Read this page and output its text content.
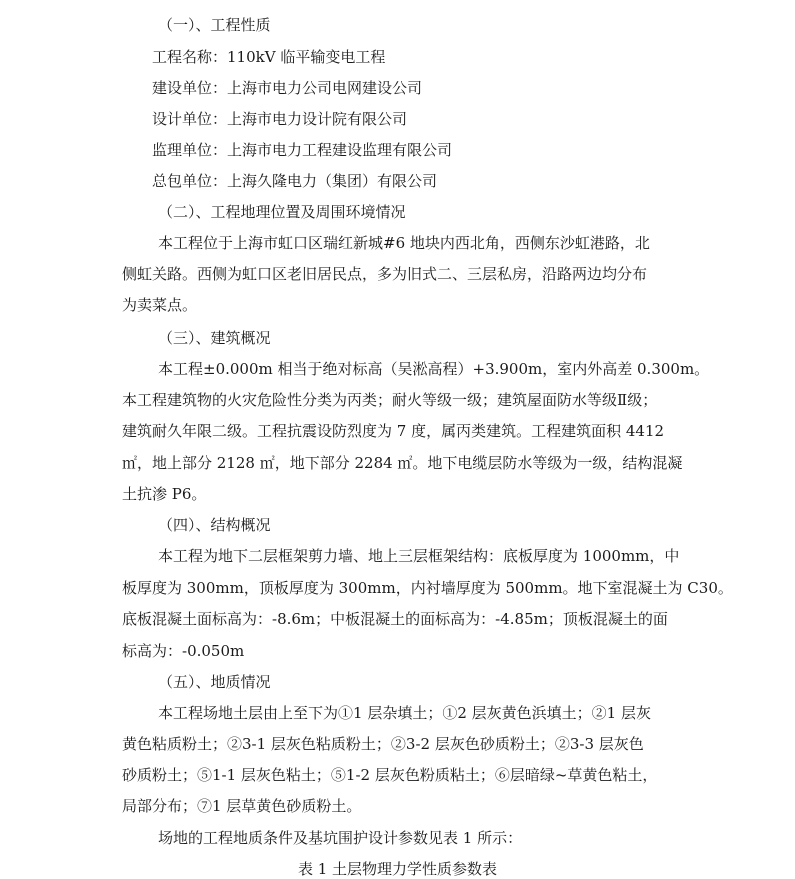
（一）、工程性质

工程名称：110kV 临平输变电工程

建设单位：上海市电力公司电网建设公司

设计单位：上海市电力设计院有限公司

监理单位：上海市电力工程建设监理有限公司

总包单位：上海久隆电力（集团）有限公司

（二）、工程地理位置及周围环境情况

本工程位于上海市虹口区瑞红新城#6 地块内西北角，西侧东沙虹港路，北

侧虹关路。西侧为虹口区老旧居民点，多为旧式二、三层私房，沿路两边均分布

为卖菜点。

（三）、建筑概况

本工程±0.000m 相当于绝对标高（吴淞高程）+3.900m，室内外高差 0.300m。

本工程建筑物的火灾危险性分类为丙类；耐火等级一级；建筑屋面防水等级Ⅱ级；

建筑耐久年限二级。工程抗震设防烈度为 7 度，属丙类建筑。工程建筑面积 4412

㎡，地上部分 2128 ㎡，地下部分 2284 ㎡。地下电缆层防水等级为一级，结构混凝

土抗渗 P6。

（四）、结构概况

本工程为地下二层框架剪力墙、地上三层框架结构：底板厚度为 1000mm，中

板厚度为 300mm，顶板厚度为 300mm，内衬墙厚度为 500mm。地下室混凝土为 C30。

底板混凝土面标高为：-8.6m；中板混凝土的面标高为：-4.85m；顶板混凝土的面

标高为：-0.050m

（五）、地质情况

本工程场地土层由上至下为①1 层杂填土；①2 层灰黄色浜填土；②1 层灰

黄色粘质粉土；②3-1 层灰色粘质粉土；②3-2 层灰色砂质粉土；②3-3 层灰色

砂质粉土；⑤1-1 层灰色粘土；⑤1-2 层灰色粉质粘土；⑥层暗绿~草黄色粘土，

局部分布；⑦1 层草黄色砂质粉土。

场地的工程地质条件及基坑围护设计参数见表 1 所示：

表 1 土层物理力学性质参数表
